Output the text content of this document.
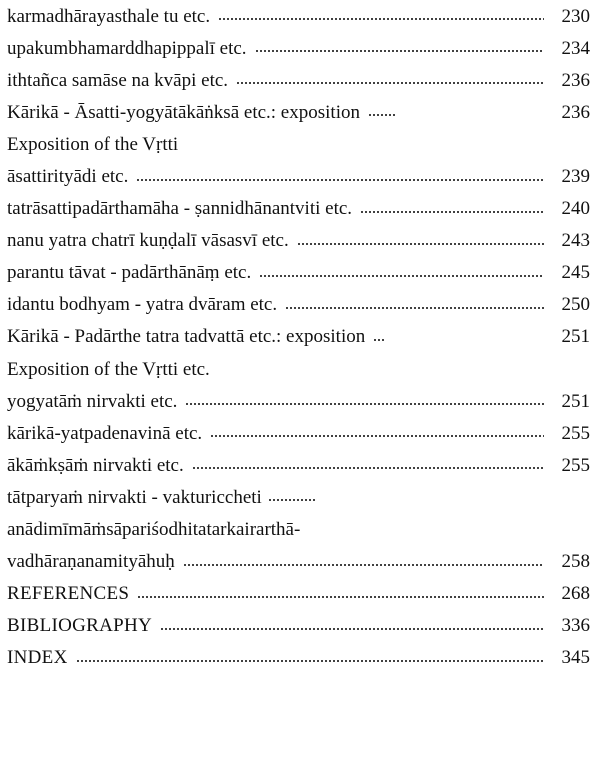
karmadhārayasthale tu etc.	230
upakumbhamarddhapippalī etc.	234
ithtañca samāse na kvāpi etc.	236
Kārikā - Āsatti-yogyātākāṅksā etc.: exposition	236
Exposition of the Vṛtti
āsattirityādi etc.	239
tatrāsattipadārthamāha - ṣannidhānantviti etc.	240
nanu yatra chatrī kuṇḍalī vāsasvī etc.	243
parantu tāvat - padārthānāṃ etc.	245
idantu bodhyam - yatra dvāram etc.	250
Kārikā - Padārthe tatra tadvattā etc.: exposition	251
Exposition of the Vṛtti etc.
yogyatāṁ nirvakti etc.	251
kārikā-yatpadenavinā etc.	255
ākāṁkṣāṁ nirvakti etc.	255
tātparyaṁ nirvakti - vakturiccheti
anādimīmāṁsāpariśodhitatarkairarthā-
vadhāraṇanamityāhuḥ	258
REFERENCES	268
BIBLIOGRAPHY	336
INDEX	345
